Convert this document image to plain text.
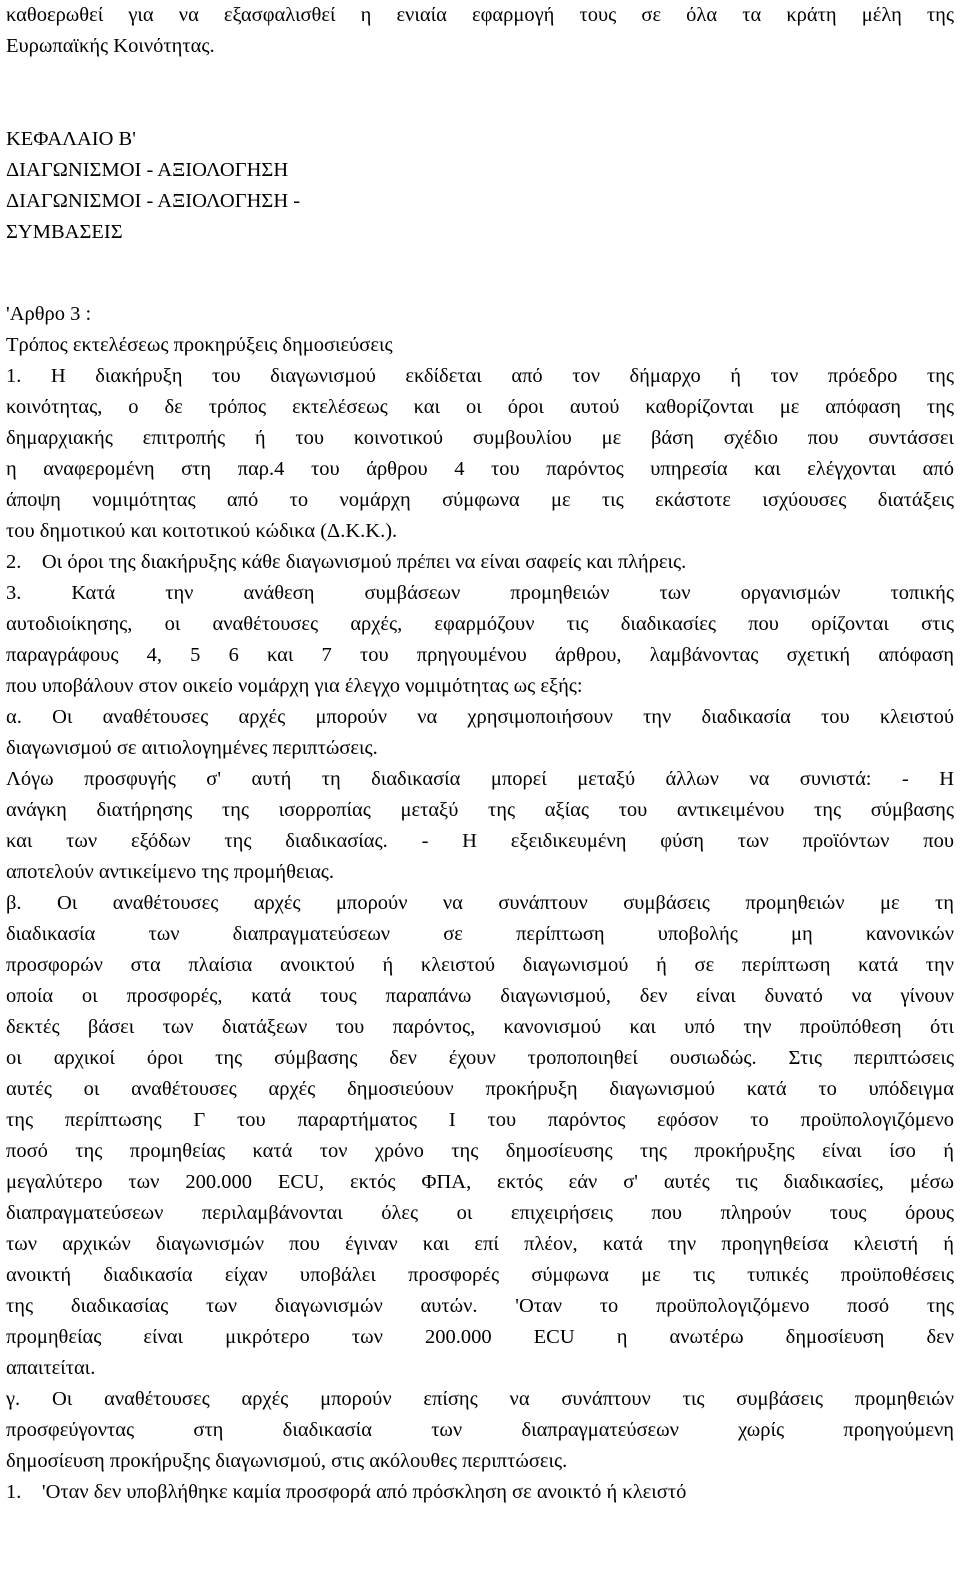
καθοερωθεί για να εξασφαλισθεί η ενιαία εφαρμογή τους σε όλα τα κράτη μέλη της
Ευρωπαϊκής Κοινότητας.
ΚΕΦΑΛΑΙΟ Β'
ΔΙΑΓΩΝΙΣΜΟΙ - ΑΞΙΟΛΟΓΗΣΗ
ΔΙΑΓΩΝΙΣΜΟΙ - ΑΞΙΟΛΟΓΗΣΗ -
ΣΥΜΒΑΣΕΙΣ
'Αρθρο 3 :
Τρόπος εκτελέσεως προκηρύξεις δημοσιεύσεις
1. Η διακήρυξη του διαγωνισμού εκδίδεται από τον δήμαρχο ή τον πρόεδρο της
κοινότητας, ο δε τρόπος εκτελέσεως και οι όροι αυτού καθορίζονται με απόφαση της
δημαρχιακής επιτροπής ή του κοινοτικού συμβουλίου με βάση σχέδιο που συντάσσει
η αναφερομένη στη παρ.4 του άρθρου 4 του παρόντος υπηρεσία και ελέγχονται από
άποψη νομιμότητας από το νομάρχη σύμφωνα με τις εκάστοτε ισχύουσες διατάξεις
του δημοτικού και κοιτοτικού κώδικα (Δ.Κ.Κ.).
2.    Οι όροι της διακήρυξης κάθε διαγωνισμού πρέπει να είναι σαφείς και πλήρεις.
3. Κατά την ανάθεση συμβάσεων προμηθειών των οργανισμών τοπικής
αυτοδιοίκησης, οι αναθέτουσες αρχές, εφαρμόζουν τις διαδικασίες που ορίζονται στις
παραγράφους 4, 5 6 και 7 του πρηγουμένου άρθρου, λαμβάνοντας σχετική απόφαση
που υποβάλουν στον οικείο νομάρχη για έλεγχο νομιμότητας ως εξής:
α. Οι αναθέτουσες αρχές μπορούν να χρησιμοποιήσουν την διαδικασία του κλειστού
διαγωνισμού σε αιτιολογημένες περιπτώσεις.
Λόγω προσφυγής σ' αυτή τη διαδικασία μπορεί μεταξύ άλλων να συνιστά: - Η
ανάγκη διατήρησης της ισορροπίας μεταξύ της αξίας του αντικειμένου της σύμβασης
και των εξόδων της διαδικασίας. - Η εξειδικευμένη φύση των προϊόντων που
αποτελούν αντικείμενο της προμήθειας.
β. Οι αναθέτουσες αρχές μπορούν να συνάπτουν συμβάσεις προμηθειών με τη
διαδικασία των διαπραγματεύσεων σε περίπτωση υποβολής μη κανονικών
προσφορών στα πλαίσια ανοικτού ή κλειστού διαγωνισμού ή σε περίπτωση κατά την
οποία οι προσφορές, κατά τους παραπάνω διαγωνισμού, δεν είναι δυνατό να γίνουν
δεκτές βάσει των διατάξεων του παρόντος, κανονισμού και υπό την προϋπόθεση ότι
οι αρχικοί όροι της σύμβασης δεν έχουν τροποποιηθεί ουσιωδώς. Στις περιπτώσεις
αυτές οι αναθέτουσες αρχές δημοσιεύουν προκήρυξη διαγωνισμού κατά το υπόδειγμα
της περίπτωσης Γ του παραρτήματος Ι του παρόντος εφόσον το προϋπολογιζόμενο
ποσό της προμηθείας κατά τον χρόνο της δημοσίευσης της προκήρυξης είναι ίσο ή
μεγαλύτερο των 200.000 ECU, εκτός ΦΠΑ, εκτός εάν σ' αυτές τις διαδικασίες, μέσω
διαπραγματεύσεων περιλαμβάνονται όλες οι επιχειρήσεις που πληρούν τους όρους
των αρχικών διαγωνισμών που έγιναν και επί πλέον, κατά την προηγηθείσα κλειστή ή
ανοικτή διαδικασία είχαν υποβάλει προσφορές σύμφωνα με τις τυπικές προϋποθέσεις
της διαδικασίας των διαγωνισμών αυτών. 'Οταν το προϋπολογιζόμενο ποσό της
προμηθείας είναι μικρότερο των 200.000 ECU η ανωτέρω δημοσίευση δεν
απαιτείται.
γ. Οι αναθέτουσες αρχές μπορούν επίσης να συνάπτουν τις συμβάσεις προμηθειών
προσφεύγοντας στη διαδικασία των διαπραγματεύσεων χωρίς προηγούμενη
δημοσίευση προκήρυξης διαγωνισμού, στις ακόλουθες περιπτώσεις.
1.    'Οταν δεν υποβλήθηκε καμία προσφορά από πρόσκληση σε ανοικτό ή κλειστό
